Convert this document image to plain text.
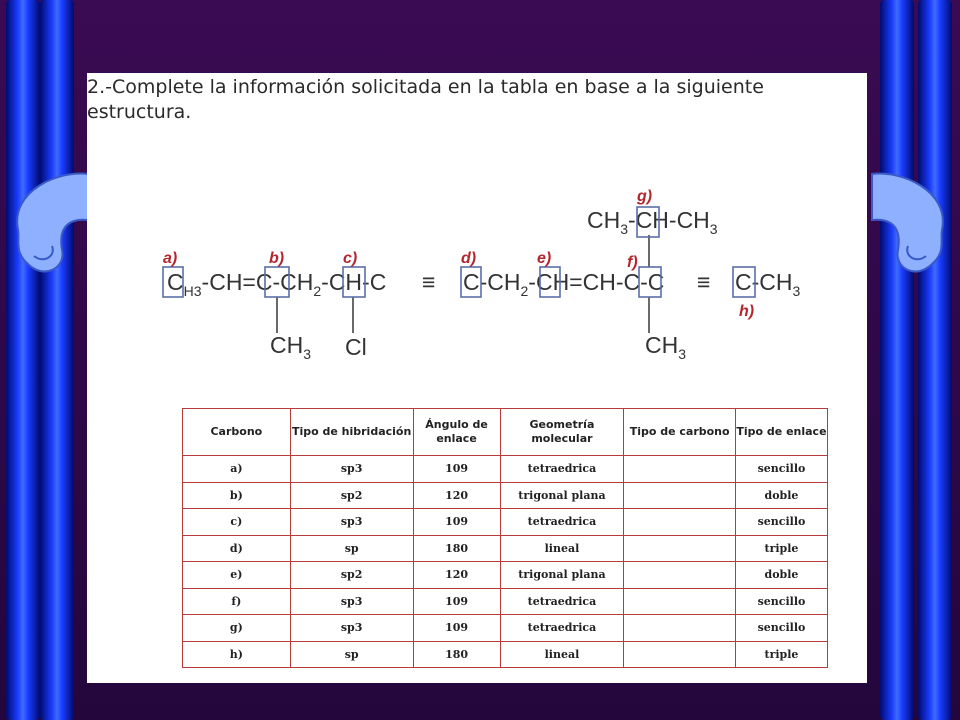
2.-Complete la información solicitada en la tabla en base a la siguiente estructura.
$C_H3-CH=C-CH_2-CH-C \equiv C-CH_2-CH=CH-C-C \equiv C-CH_3$
$CH_3-CH-CH_3$
$CH_3$ Cl	$CH_3$
a)	b)	c)	d)	e)	f)
g)
h)
Carbono	Tipo de hibridación	Ángulo de enlace	Geometría molecular	Tipo de carbono	Tipo de enlace
a)	sp3	109	tetraedrica		sencillo
b)	sp2	120	trigonal plana		doble
c)	sp3	109	tetraedrica		sencillo
d)	sp	180	lineal		triple
e)	sp2	120	trigonal plana		doble
f)	sp3	109	tetraedrica		sencillo
g)	sp3	109	tetraedrica		sencillo
h)	sp	180	lineal		triple
